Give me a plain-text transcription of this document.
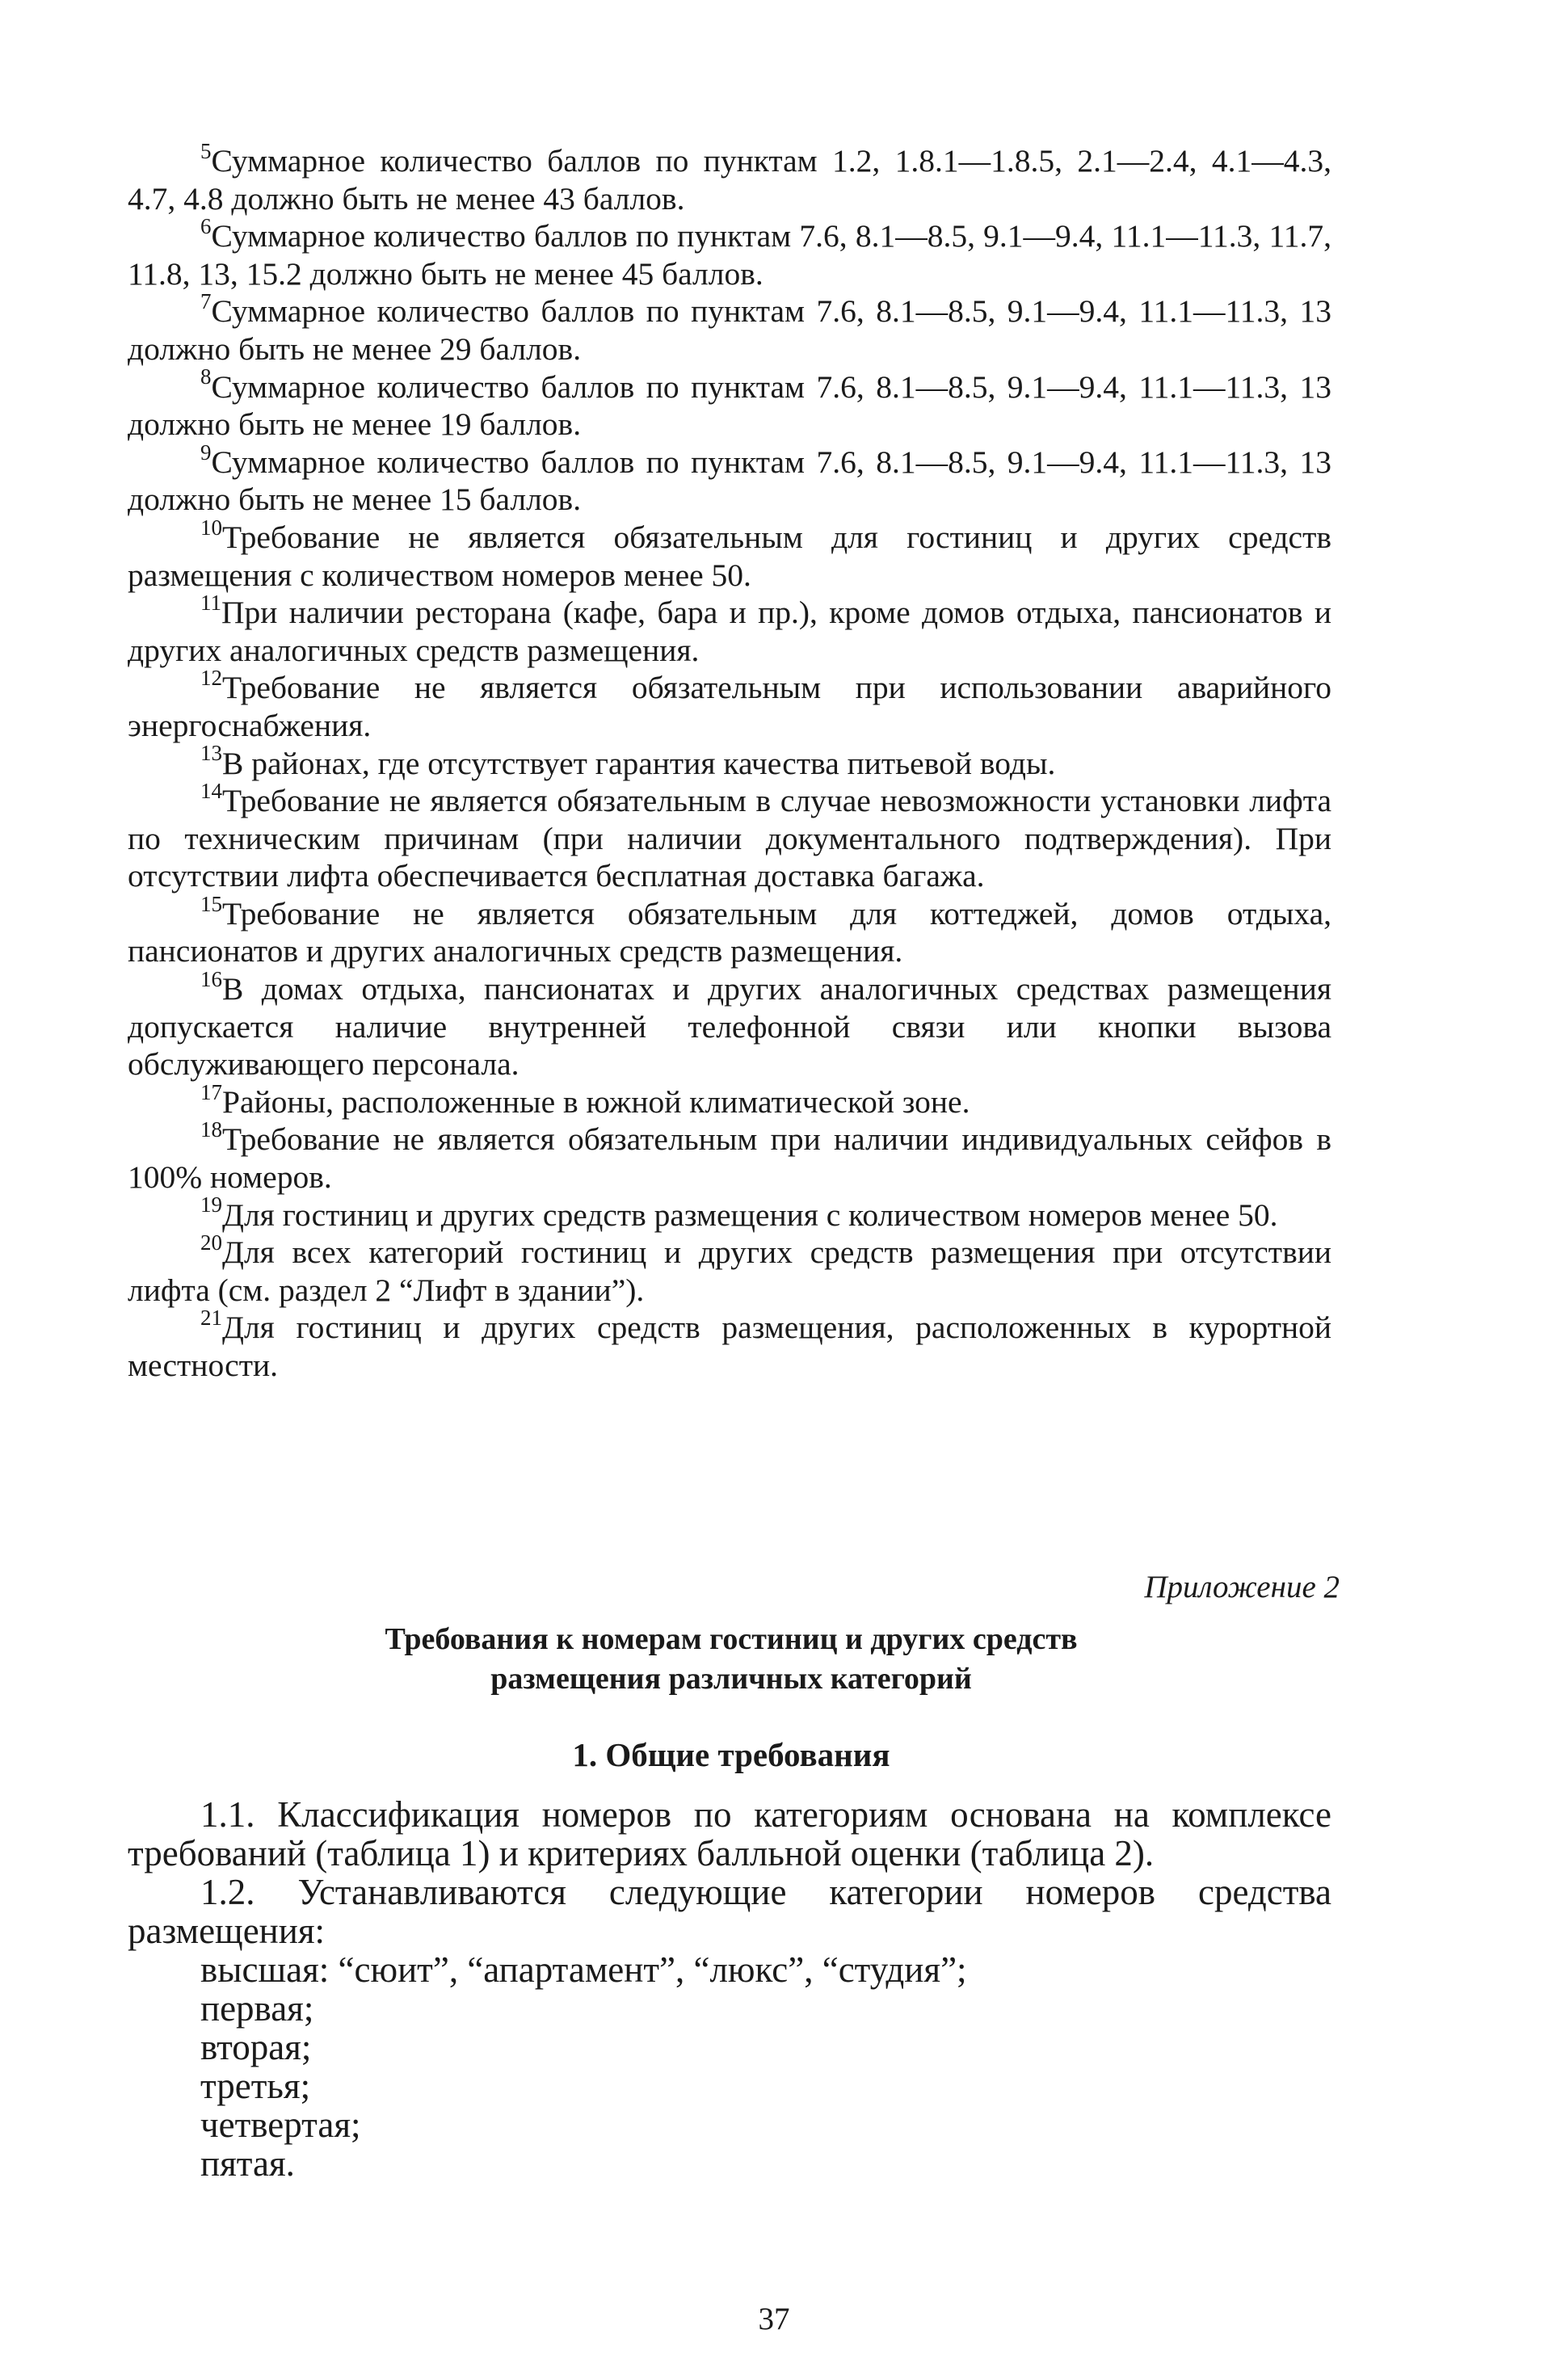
$^5$Суммарное количество баллов по пунктам 1.2, 1.8.1—1.8.5, 2.1—2.4, 4.1—4.3, 4.7, 4.8 должно быть не менее 43 баллов.

$^6$Суммарное количество баллов по пунктам 7.6, 8.1—8.5, 9.1—9.4, 11.1—11.3, 11.7, 11.8, 13, 15.2 должно быть не менее 45 баллов.

$^7$Суммарное количество баллов по пунктам 7.6, 8.1—8.5, 9.1—9.4, 11.1—11.3, 13 должно быть не менее 29 баллов.

$^8$Суммарное количество баллов по пунктам 7.6, 8.1—8.5, 9.1—9.4, 11.1—11.3, 13 должно быть не менее 19 баллов.

$^9$Суммарное количество баллов по пунктам 7.6, 8.1—8.5, 9.1—9.4, 11.1—11.3, 13 должно быть не менее 15 баллов.

$^{10}$Требование не является обязательным для гостиниц и других средств размещения с количеством номеров менее 50.

$^{11}$При наличии ресторана (кафе, бара и пр.), кроме домов отдыха, пансионатов и других аналогичных средств размещения.

$^{12}$Требование не является обязательным при использовании аварийного энергоснабжения.

$^{13}$В районах, где отсутствует гарантия качества питьевой воды.

$^{14}$Требование не является обязательным в случае невозможности установки лифта по техническим причинам (при наличии документального подтверждения). При отсутствии лифта обеспечивается бесплатная доставка багажа.

$^{15}$Требование не является обязательным для коттеджей, домов отдыха, пансионатов и других аналогичных средств размещения.

$^{16}$В домах отдыха, пансионатах и других аналогичных средствах размещения допускается наличие внутренней телефонной связи или кнопки вызова обслуживающего персонала.

$^{17}$Районы, расположенные в южной климатической зоне.

$^{18}$Требование не является обязательным при наличии индивидуальных сейфов в 100% номеров.

$^{19}$Для гостиниц и других средств размещения с количеством номеров менее 50.

$^{20}$Для всех категорий гостиниц и других средств размещения при отсутствии лифта (см. раздел 2 “Лифт в здании”).

$^{21}$Для гостиниц и других средств размещения, расположенных в курортной местности.

Приложение 2
Требования к номерам гостиниц и других средств
размещения различных категорий
1. Общие требования

1.1. Классификация номеров по категориям основана на комплексе требований (таблица 1) и критериях балльной оценки (таблица 2).

1.2. Устанавливаются следующие категории номеров средства размещения:

высшая: “сюит”, “апартамент”, “люкс”, “студия”;
первая;
вторая;
третья;
четвертая;
пятая.
37
